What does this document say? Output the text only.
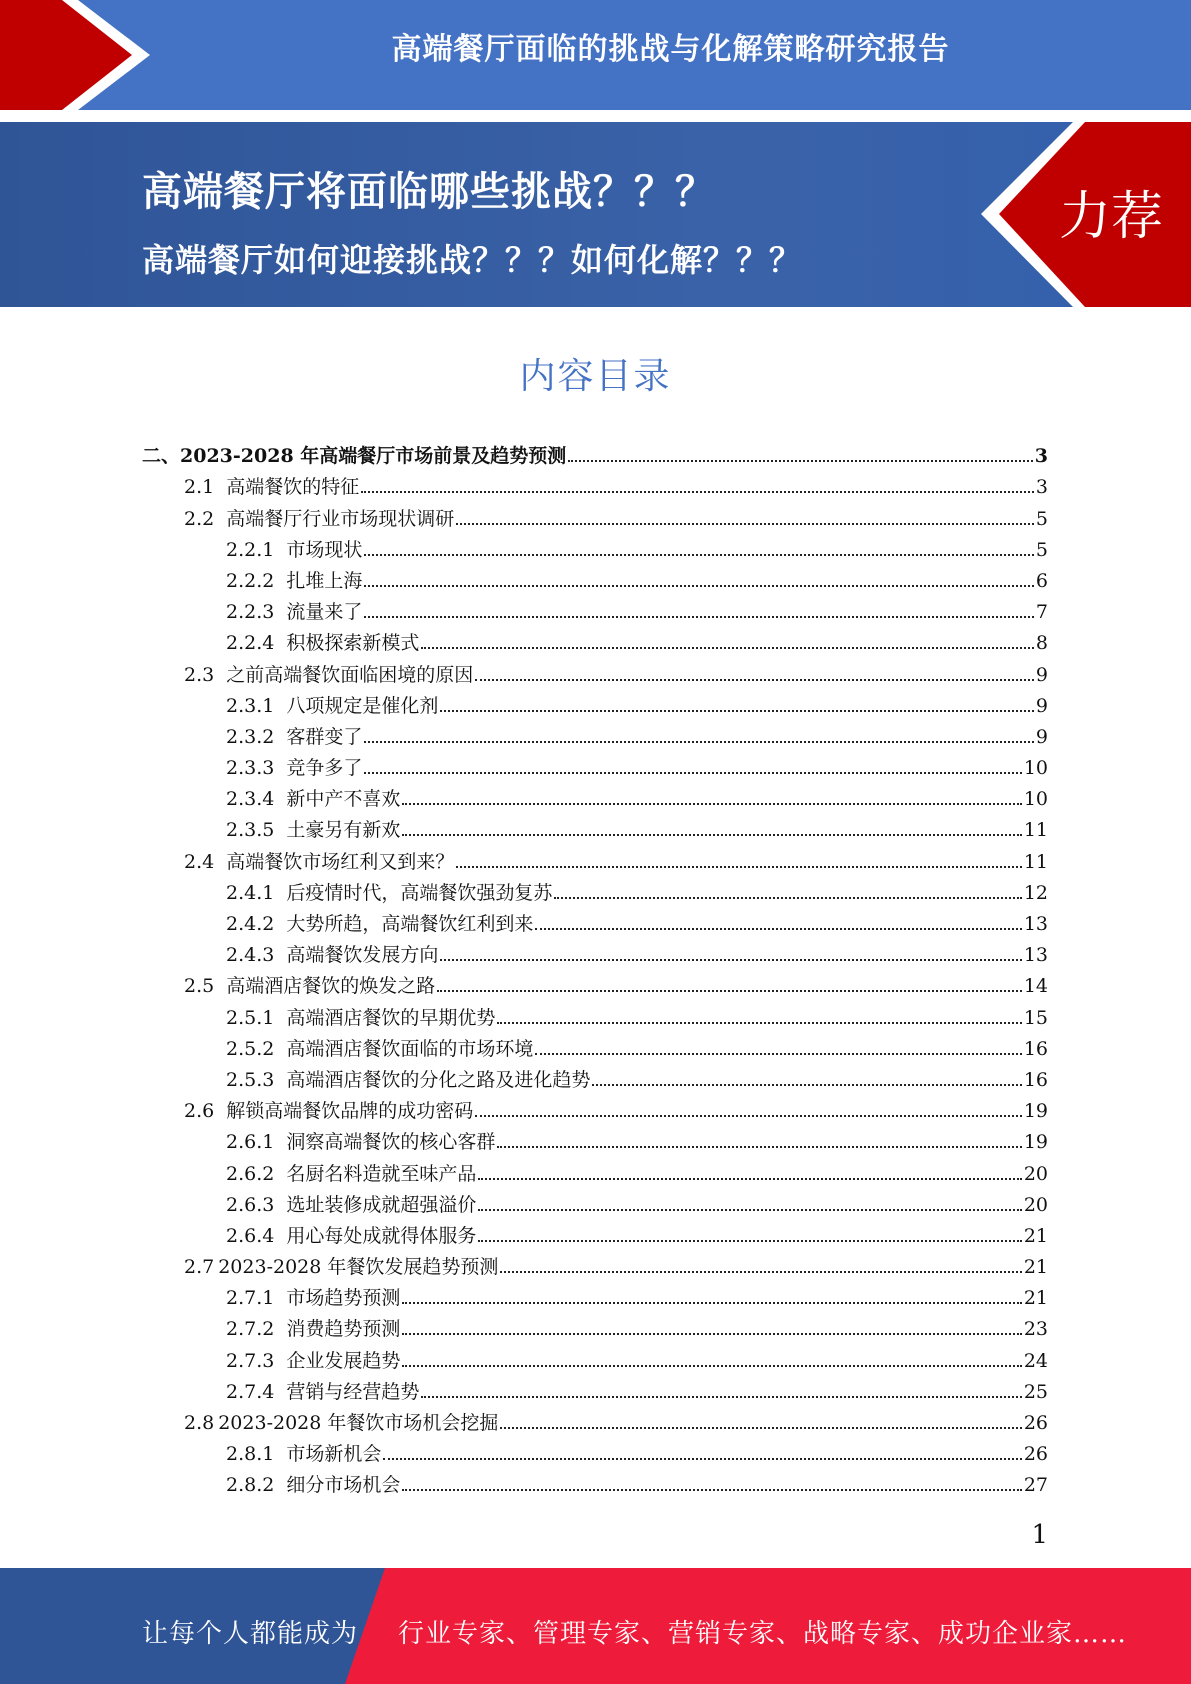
高端餐厅面临的挑战与化解策略研究报告
高端餐厅将面临哪些挑战？？？
高端餐厅如何迎接挑战？？？如何化解？？？
力荐
内容目录
二、 2023-2028 年高端餐厅市场前景及趋势预测	3
2.1 高端餐饮的特征	3
2.2 高端餐厅行业市场现状调研	5
2.2.1 市场现状	5
2.2.2 扎堆上海	6
2.2.3 流量来了	7
2.2.4 积极探索新模式	8
2.3 之前高端餐饮面临困境的原因	9
2.3.1 八项规定是催化剂	9
2.3.2 客群变了	9
2.3.3 竞争多了	10
2.3.4 新中产不喜欢	10
2.3.5 土豪另有新欢	11
2.4 高端餐饮市场红利又到来？	11
2.4.1 后疫情时代，高端餐饮强劲复苏	12
2.4.2 大势所趋，高端餐饮红利到来	13
2.4.3 高端餐饮发展方向	13
2.5 高端酒店餐饮的焕发之路	14
2.5.1 高端酒店餐饮的早期优势	15
2.5.2 高端酒店餐饮面临的市场环境	16
2.5.3 高端酒店餐饮的分化之路及进化趋势	16
2.6 解锁高端餐饮品牌的成功密码	19
2.6.1 洞察高端餐饮的核心客群	19
2.6.2 名厨名料造就至味产品	20
2.6.3 选址装修成就超强溢价	20
2.6.4 用心每处成就得体服务	21
2.7 2023-2028 年餐饮发展趋势预测	21
2.7.1 市场趋势预测	21
2.7.2 消费趋势预测	23
2.7.3 企业发展趋势	24
2.7.4 营销与经营趋势	25
2.8 2023-2028 年餐饮市场机会挖掘	26
2.8.1 市场新机会	26
2.8.2 细分市场机会	27
1
让每个人都能成为 行业专家、管理专家、营销专家、战略专家、成功企业家……
